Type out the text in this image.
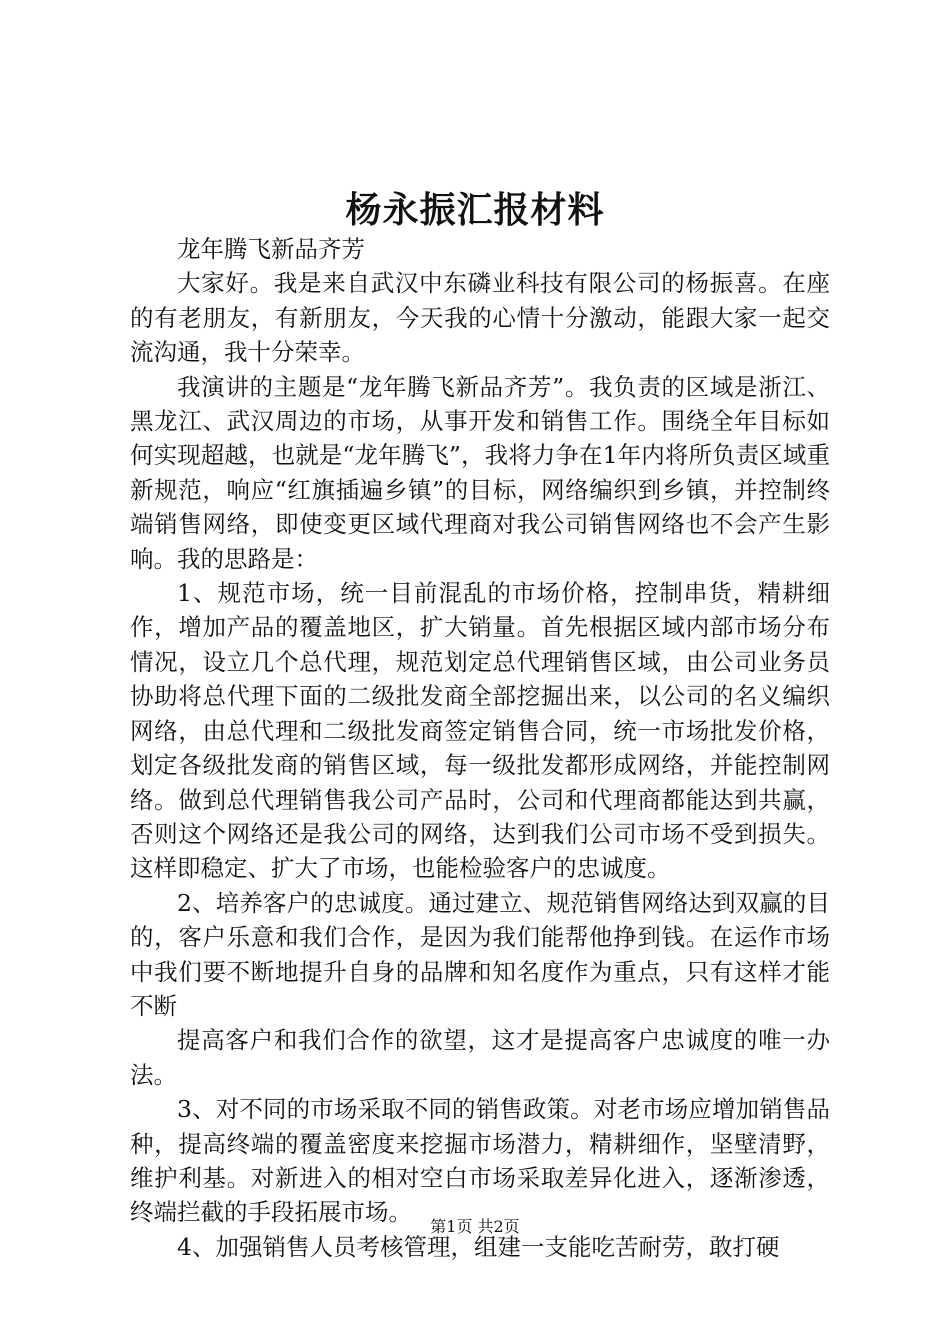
杨永振汇报材料

龙年腾飞新品齐芳

大家好。我是来自武汉中东磷业科技有限公司的杨振喜。在座的有老朋友，有新朋友，今天我的心情十分激动，能跟大家一起交流沟通，我十分荣幸。

我演讲的主题是“龙年腾飞新品齐芳”。我负责的区域是浙江、黑龙江、武汉周边的市场，从事开发和销售工作。围绕全年目标如何实现超越，也就是“龙年腾飞”，我将力争在1年内将所负责区域重新规范，响应“红旗插遍乡镇”的目标，网络编织到乡镇，并控制终端销售网络，即使变更区域代理商对我公司销售网络也不会产生影响。我的思路是：

1、规范市场，统一目前混乱的市场价格，控制串货，精耕细作，增加产品的覆盖地区，扩大销量。首先根据区域内部市场分布情况，设立几个总代理，规范划定总代理销售区域，由公司业务员协助将总代理下面的二级批发商全部挖掘出来，以公司的名义编织网络，由总代理和二级批发商签定销售合同，统一市场批发价格，划定各级批发商的销售区域，每一级批发都形成网络，并能控制网络。做到总代理销售我公司产品时，公司和代理商都能达到共赢，否则这个网络还是我公司的网络，达到我们公司市场不受到损失。这样即稳定、扩大了市场，也能检验客户的忠诚度。

2、培养客户的忠诚度。通过建立、规范销售网络达到双赢的目的，客户乐意和我们合作，是因为我们能帮他挣到钱。在运作市场中我们要不断地提升自身的品牌和知名度作为重点，只有这样才能不断

提高客户和我们合作的欲望，这才是提高客户忠诚度的唯一办法。

3、对不同的市场采取不同的销售政策。对老市场应增加销售品种，提高终端的覆盖密度来挖掘市场潜力，精耕细作，坚壁清野，维护利基。对新进入的相对空白市场采取差异化进入，逐渐渗透，终端拦截的手段拓展市场。

4、加强销售人员考核管理，组建一支能吃苦耐劳，敢打硬

第1页 共2页
